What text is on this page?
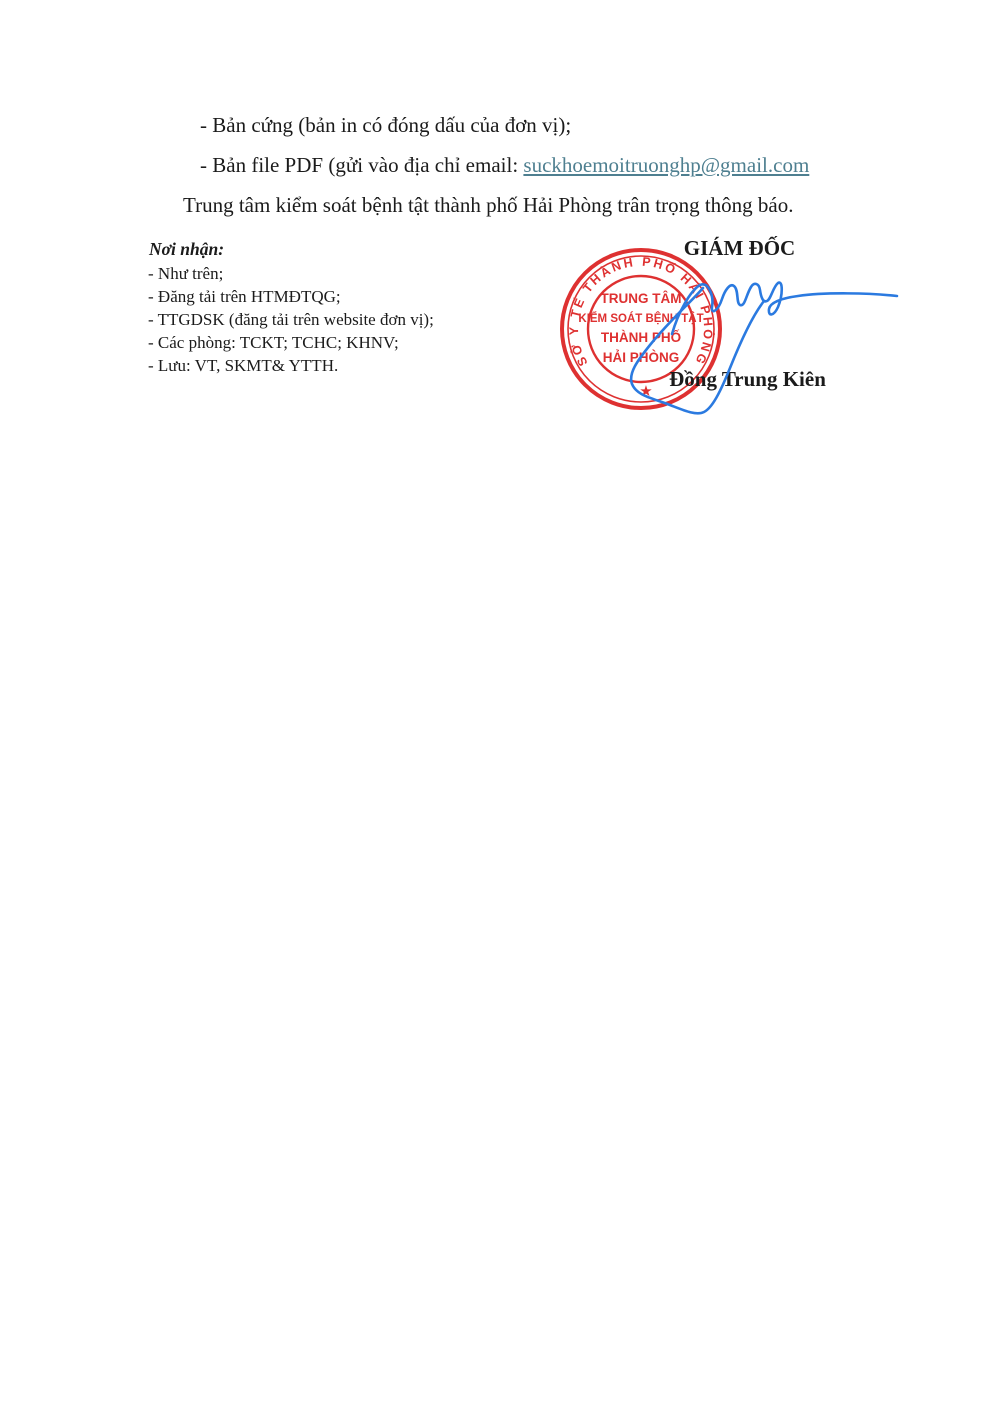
- Bản cứng (bản in có đóng dấu của đơn vị);

- Bản file PDF (gửi vào địa chỉ email: suckhoemoitruonghp@gmail.com

Trung tâm kiểm soát bệnh tật thành phố Hải Phòng trân trọng thông báo.

Nơi nhận:
- Như trên;
- Đăng tải trên HTMĐTQG;
- TTGDSK (đăng tải trên website đơn vị);
- Các phòng: TCKT; TCHC; KHNV;
- Lưu: VT, SKMT& YTTH.
GIÁM ĐỐC
Đồng Trung Kiên
SỞ Y TẾ THÀNH PHỐ HẢI PHÒNG
TRUNG TÂM
KIỂM SOÁT BỆNH TẬT
THÀNH PHỐ
HẢI PHÒNG
★
